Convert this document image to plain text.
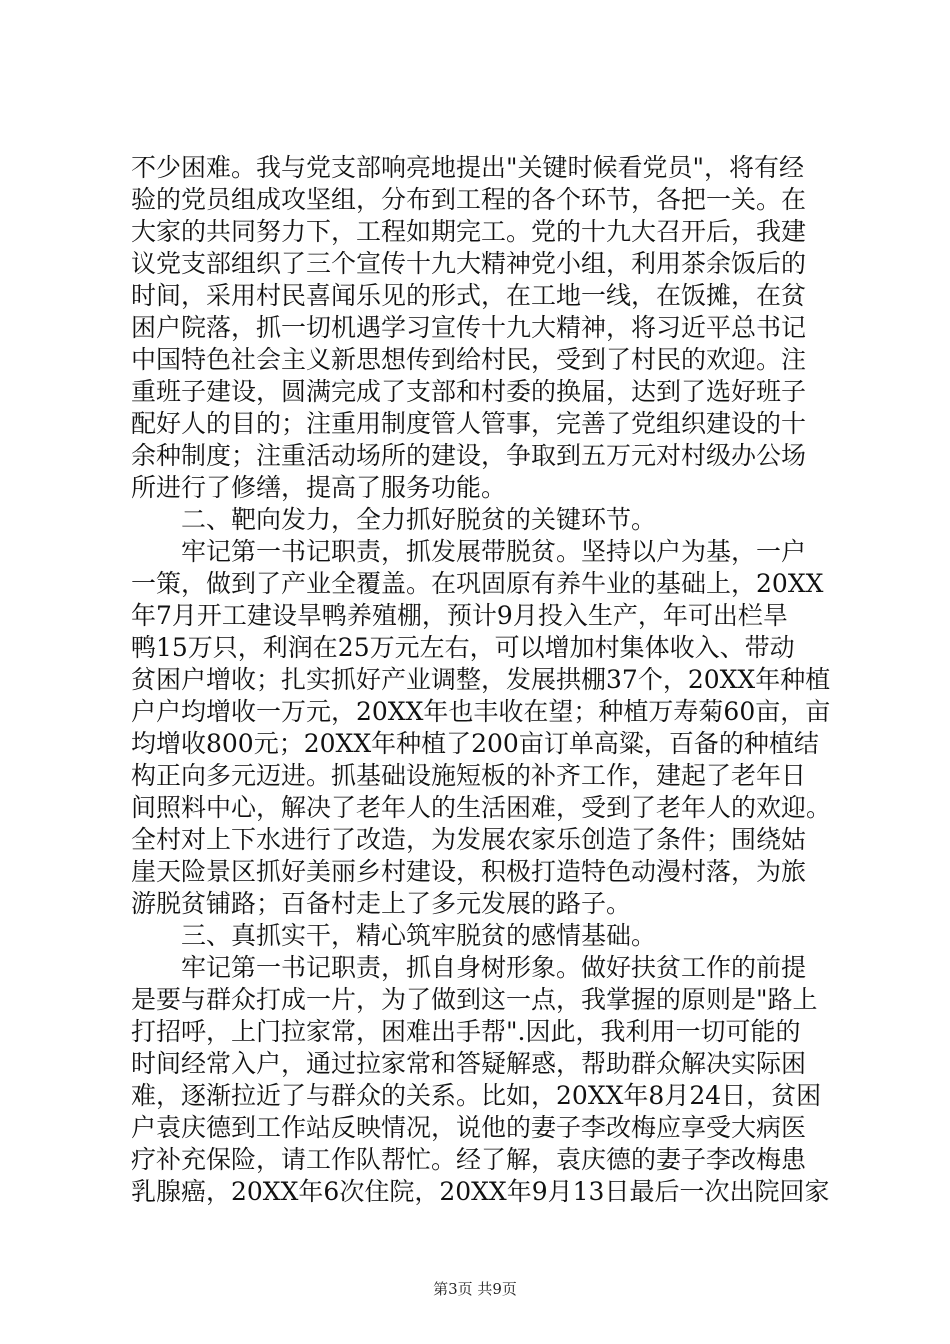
不少困难。我与党支部响亮地提出"关键时候看党员"，将有经
验的党员组成攻坚组，分布到工程的各个环节，各把一关。在
大家的共同努力下，工程如期完工。党的十九大召开后，我建
议党支部组织了三个宣传十九大精神党小组，利用茶余饭后的
时间，采用村民喜闻乐见的形式，在工地一线，在饭摊，在贫
困户院落，抓一切机遇学习宣传十九大精神，将习近平总书记
中国特色社会主义新思想传到给村民，受到了村民的欢迎。注
重班子建设，圆满完成了支部和村委的换届，达到了选好班子
配好人的目的；注重用制度管人管事，完善了党组织建设的十
余种制度；注重活动场所的建设，争取到五万元对村级办公场
所进行了修缮，提高了服务功能。
　　二、靶向发力，全力抓好脱贫的关键环节。
　　牢记第一书记职责，抓发展带脱贫。坚持以户为基，一户
一策，做到了产业全覆盖。在巩固原有养牛业的基础上，20XX
年7月开工建设旱鸭养殖棚，预计9月投入生产，年可出栏旱
鸭15万只，利润在25万元左右，可以增加村集体收入、带动
贫困户增收；扎实抓好产业调整，发展拱棚37个，20XX年种植
户户均增收一万元，20XX年也丰收在望；种植万寿菊60亩，亩
均增收800元；20XX年种植了200亩订单高粱，百备的种植结
构正向多元迈进。抓基础设施短板的补齐工作，建起了老年日
间照料中心，解决了老年人的生活困难，受到了老年人的欢迎。
全村对上下水进行了改造，为发展农家乐创造了条件；围绕姑
崖天险景区抓好美丽乡村建设，积极打造特色动漫村落，为旅
游脱贫铺路；百备村走上了多元发展的路子。
　　三、真抓实干，精心筑牢脱贫的感情基础。
　　牢记第一书记职责，抓自身树形象。做好扶贫工作的前提
是要与群众打成一片，为了做到这一点，我掌握的原则是"路上
打招呼，上门拉家常，困难出手帮".因此，我利用一切可能的
时间经常入户，通过拉家常和答疑解惑，帮助群众解决实际困
难，逐渐拉近了与群众的关系。比如，20XX年8月24日，贫困
户袁庆德到工作站反映情况，说他的妻子李改梅应享受大病医
疗补充保险，请工作队帮忙。经了解，袁庆德的妻子李改梅患
乳腺癌，20XX年6次住院，20XX年9月13日最后一次出院回家
第3页 共9页
